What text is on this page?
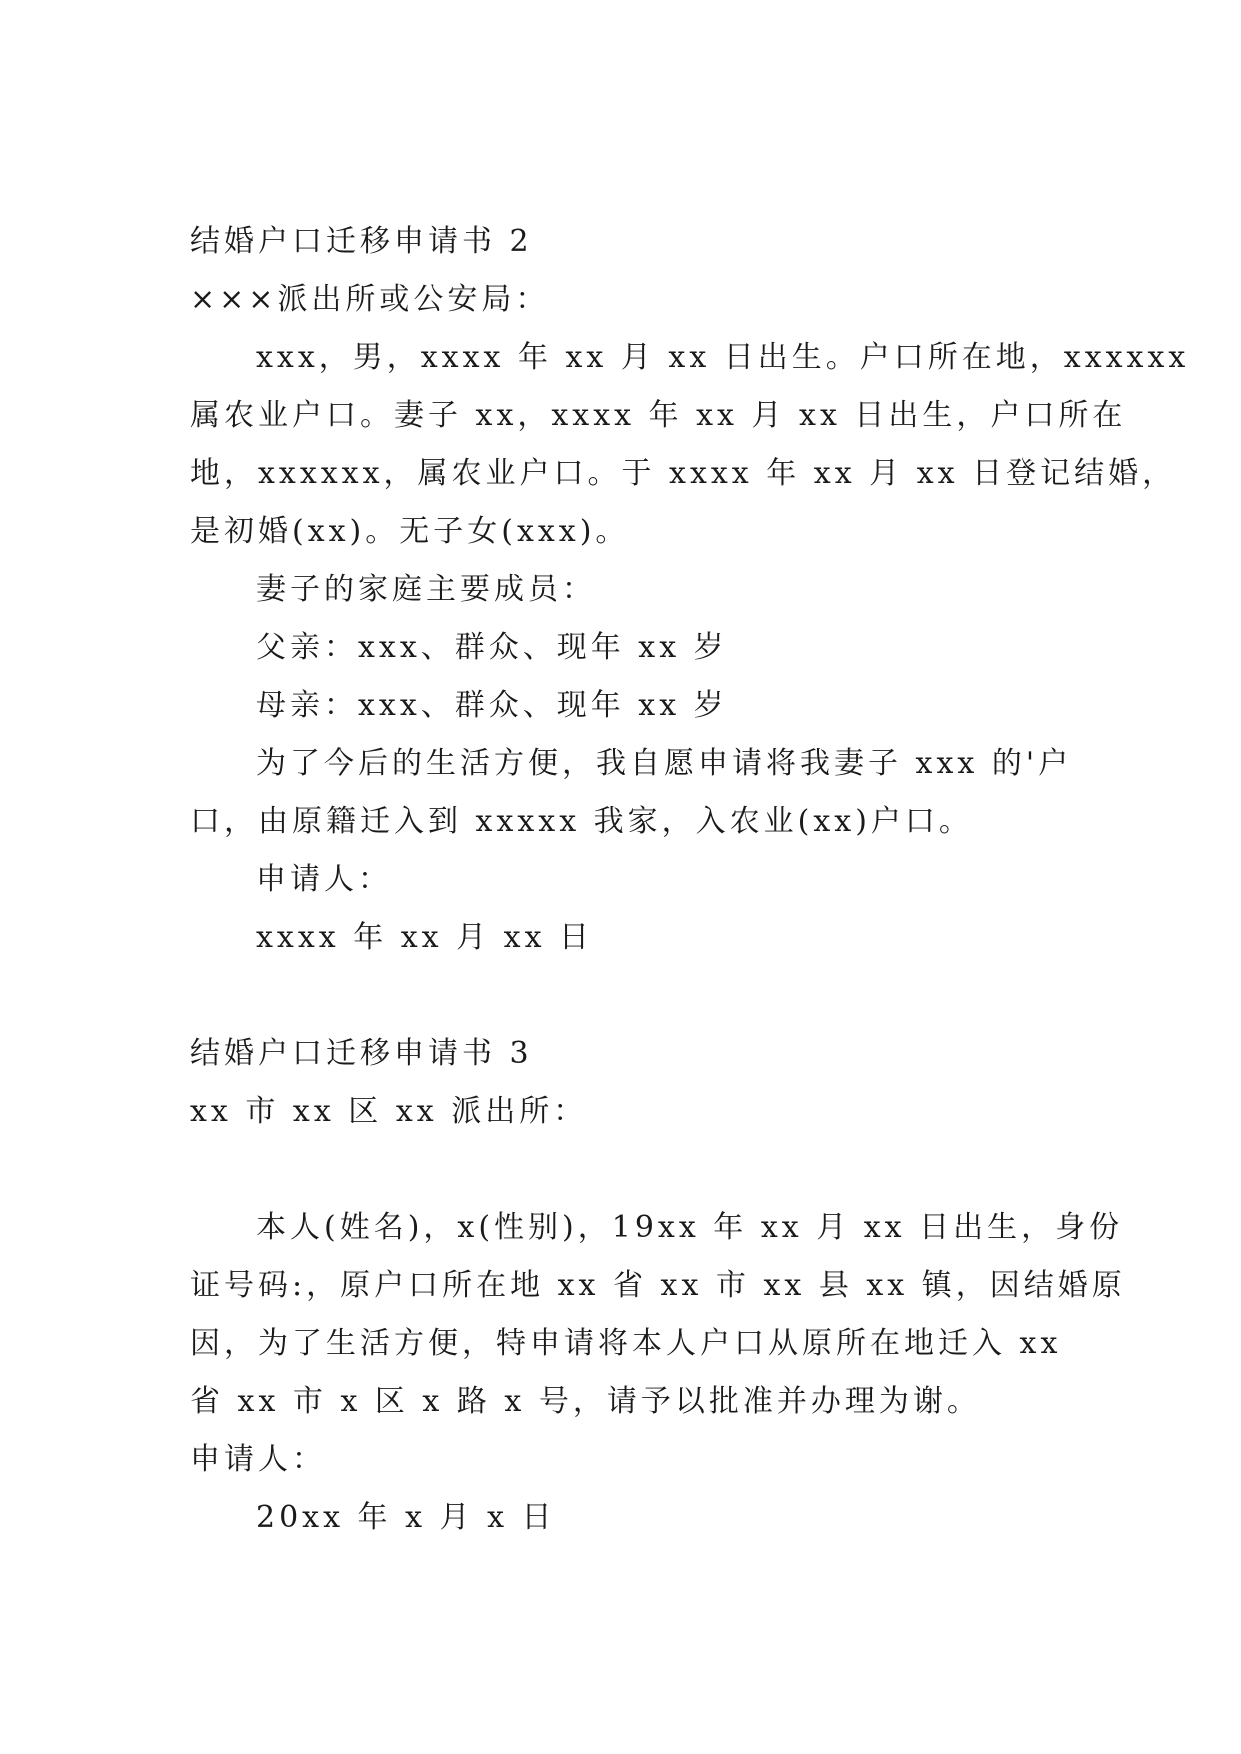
结婚户口迁移申请书 2
×××派出所或公安局：
xxx，男，xxxx 年 xx 月 xx 日出生。户口所在地，xxxxxx
属农业户口。妻子 xx，xxxx 年 xx 月 xx 日出生，户口所在
地，xxxxxx，属农业户口。于 xxxx 年 xx 月 xx 日登记结婚，
是初婚(xx)。无子女(xxx)。
妻子的家庭主要成员：
父亲：xxx、群众、现年 xx 岁
母亲：xxx、群众、现年 xx 岁
为了今后的生活方便，我自愿申请将我妻子 xxx 的'户
口，由原籍迁入到 xxxxx 我家，入农业(xx)户口。
申请人：
xxxx 年 xx 月 xx 日
结婚户口迁移申请书 3
xx 市 xx 区 xx 派出所：
本人(姓名)，x(性别)，19xx 年 xx 月 xx 日出生，身份
证号码:，原户口所在地 xx 省 xx 市 xx 县 xx 镇，因结婚原
因，为了生活方便，特申请将本人户口从原所在地迁入 xx
省 xx 市 x 区 x 路 x 号，请予以批准并办理为谢。
申请人：
20xx 年 x 月 x 日
